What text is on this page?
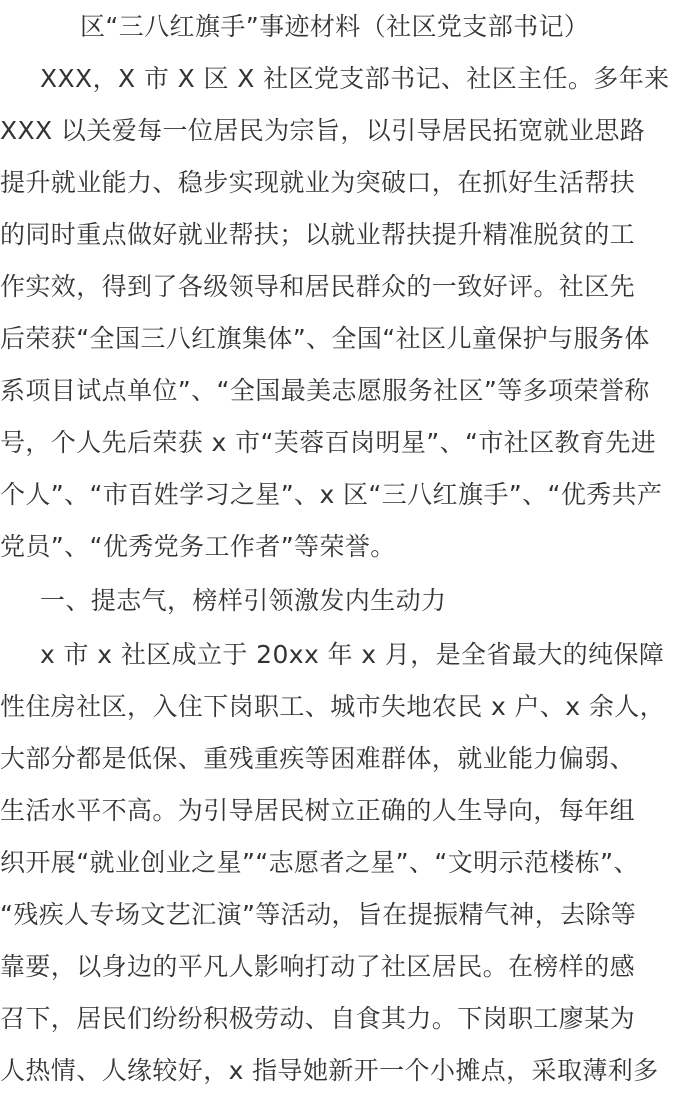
区“三八红旗手”事迹材料（社区党支部书记）
XXX，X 市 X 区 X 社区党支部书记、社区主任。多年来
XXX 以关爱每一位居民为宗旨，以引导居民拓宽就业思路
提升就业能力、稳步实现就业为突破口，在抓好生活帮扶
的同时重点做好就业帮扶；以就业帮扶提升精准脱贫的工
作实效，得到了各级领导和居民群众的一致好评。社区先
后荣获“全国三八红旗集体”、全国“社区儿童保护与服务体
系项目试点单位”、“全国最美志愿服务社区”等多项荣誉称
号，个人先后荣获 x 市“芙蓉百岗明星”、“市社区教育先进
个人”、“市百姓学习之星”、x 区“三八红旗手”、“优秀共产
党员”、“优秀党务工作者”等荣誉。
一、提志气，榜样引领激发内生动力
x 市 x 社区成立于 20xx 年 x 月，是全省最大的纯保障
性住房社区，入住下岗职工、城市失地农民 x 户、x 余人，
大部分都是低保、重残重疾等困难群体，就业能力偏弱、
生活水平不高。为引导居民树立正确的人生导向，每年组
织开展“就业创业之星”“志愿者之星”、“文明示范楼栋”、
“残疾人专场文艺汇演”等活动，旨在提振精气神，去除等
靠要，以身边的平凡人影响打动了社区居民。在榜样的感
召下，居民们纷纷积极劳动、自食其力。下岗职工廖某为
人热情、人缘较好，x 指导她新开一个小摊点，采取薄利多
